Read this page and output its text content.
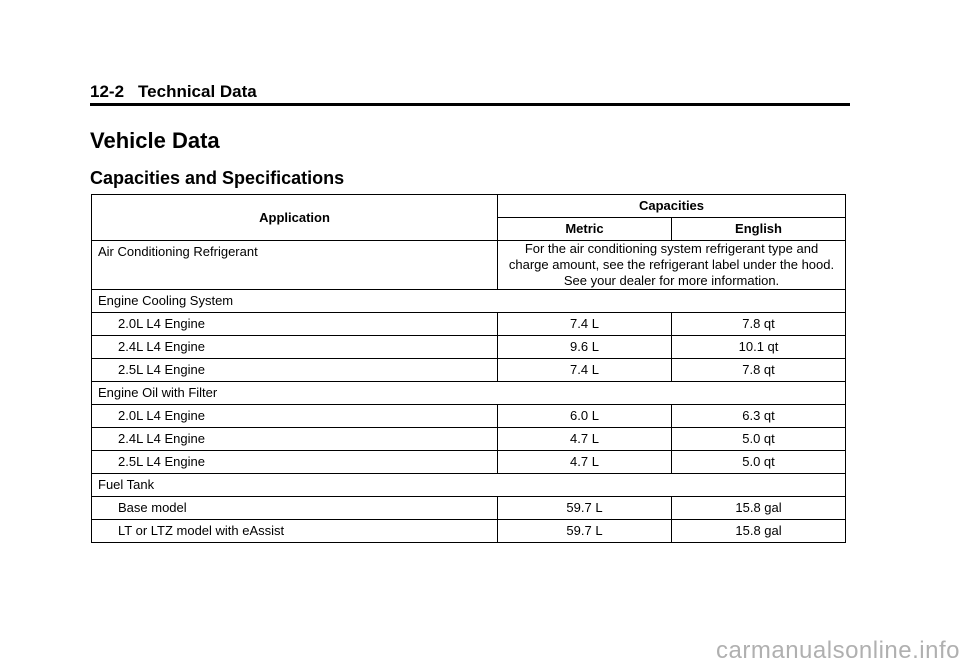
12-2 Technical Data
Vehicle Data
Capacities and Specifications
Application	Capacities	
	Metric	English
Air Conditioning Refrigerant	For the air conditioning system refrigerant type and charge amount, see the refrigerant label under the hood. See your dealer for more information.	
Engine Cooling System		
2.0L L4 Engine	7.4 L	7.8 qt
2.4L L4 Engine	9.6 L	10.1 qt
2.5L L4 Engine	7.4 L	7.8 qt
Engine Oil with Filter		
2.0L L4 Engine	6.0 L	6.3 qt
2.4L L4 Engine	4.7 L	5.0 qt
2.5L L4 Engine	4.7 L	5.0 qt
Fuel Tank		
Base model	59.7 L	15.8 gal
LT or LTZ model with eAssist	59.7 L	15.8 gal
carmanualsonline.info
